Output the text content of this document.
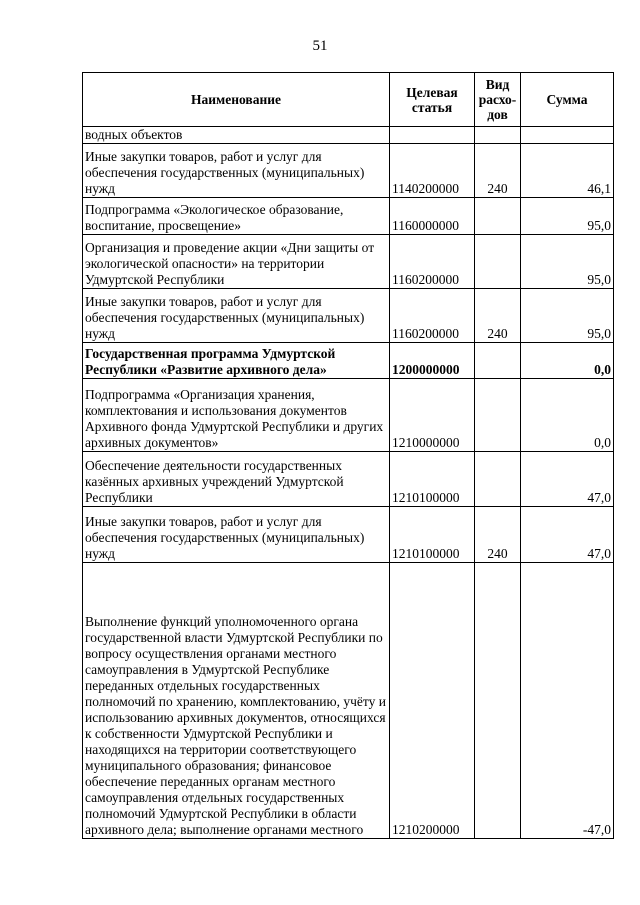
51
Наименование	Целевая статья	Вид расхо-дов	Сумма
водных объектов			
Иные закупки товаров, работ и услуг для обеспечения государственных (муниципальных) нужд	1140200000	240	46,1
Подпрограмма «Экологическое образование, воспитание, просвещение»	1160000000		95,0
Организация и проведение акции «Дни защиты от экологической опасности» на территории Удмуртской Республики	1160200000		95,0
Иные закупки товаров, работ и услуг для обеспечения государственных (муниципальных) нужд	1160200000	240	95,0
Государственная программа Удмуртской Республики «Развитие архивного дела»	1200000000		0,0
Подпрограмма «Организация хранения, комплектования и использования документов Архивного фонда Удмуртской Республики и других архивных документов»	1210000000		0,0
Обеспечение деятельности государственных казённых архивных учреждений Удмуртской Республики	1210100000		47,0
Иные закупки товаров, работ и услуг для обеспечения государственных (муниципальных) нужд	1210100000	240	47,0
Выполнение функций уполномоченного органа государственной власти Удмуртской Республики по вопросу осуществления органами местного самоуправления в Удмуртской Республике переданных отдельных государственных полномочий по хранению, комплектованию, учёту и использованию архивных документов, относящихся к собственности Удмуртской Республики и находящихся на территории соответствующего муниципального образования; финансовое обеспечение переданных органам местного самоуправления отдельных государственных полномочий Удмуртской Республики в области архивного дела; выполнение органами местного	1210200000		-47,0
